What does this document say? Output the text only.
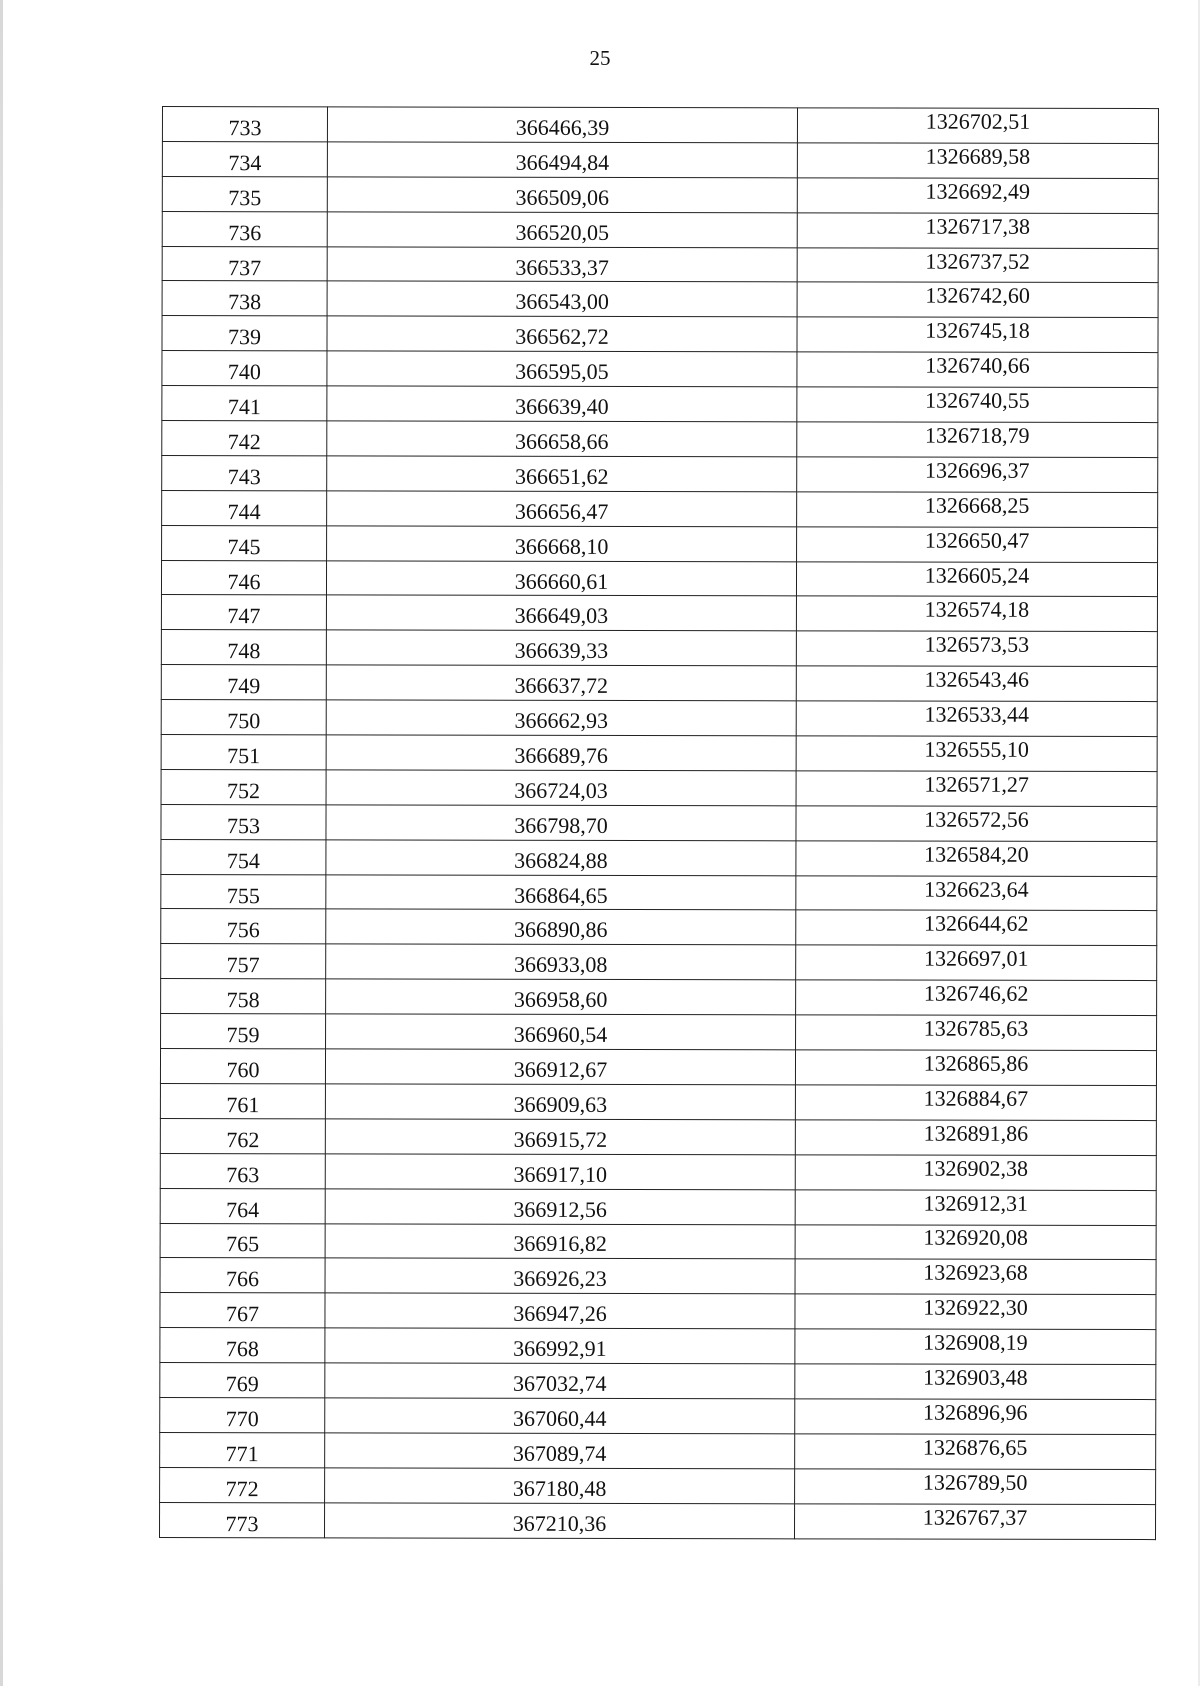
25
733	366466,39	1326702,51
734	366494,84	1326689,58
735	366509,06	1326692,49
736	366520,05	1326717,38
737	366533,37	1326737,52
738	366543,00	1326742,60
739	366562,72	1326745,18
740	366595,05	1326740,66
741	366639,40	1326740,55
742	366658,66	1326718,79
743	366651,62	1326696,37
744	366656,47	1326668,25
745	366668,10	1326650,47
746	366660,61	1326605,24
747	366649,03	1326574,18
748	366639,33	1326573,53
749	366637,72	1326543,46
750	366662,93	1326533,44
751	366689,76	1326555,10
752	366724,03	1326571,27
753	366798,70	1326572,56
754	366824,88	1326584,20
755	366864,65	1326623,64
756	366890,86	1326644,62
757	366933,08	1326697,01
758	366958,60	1326746,62
759	366960,54	1326785,63
760	366912,67	1326865,86
761	366909,63	1326884,67
762	366915,72	1326891,86
763	366917,10	1326902,38
764	366912,56	1326912,31
765	366916,82	1326920,08
766	366926,23	1326923,68
767	366947,26	1326922,30
768	366992,91	1326908,19
769	367032,74	1326903,48
770	367060,44	1326896,96
771	367089,74	1326876,65
772	367180,48	1326789,50
773	367210,36	1326767,37
